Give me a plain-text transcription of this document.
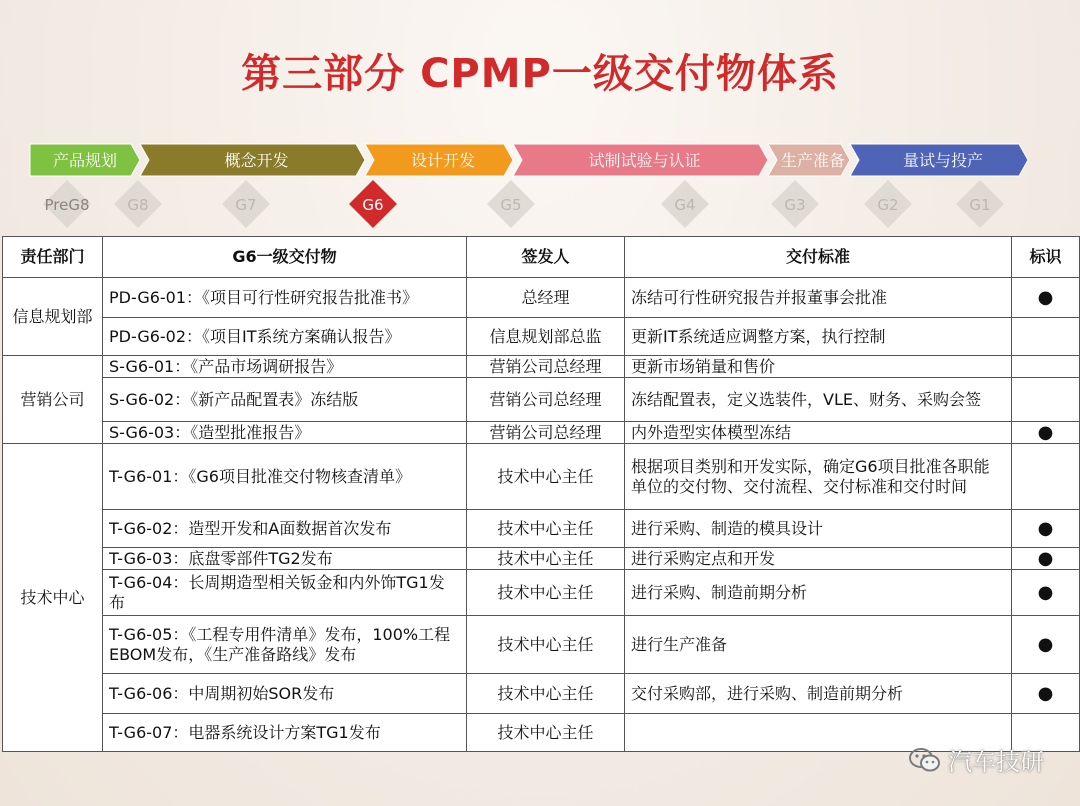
第三部分 CPMP一级交付物体系
产品规划	概念开发	设计开发	试制试验与认证	生产准备	量试与投产
PreG8	G8	G7	G6	G5	G4	G3	G2	G1
责任部门	G6一级交付物	签发人	交付标准	标识
信息规划部	PD-G6-01：《项目可行性研究报告批准书》	总经理	冻结可行性研究报告并报董事会批准	●
	PD-G6-02：《项目IT系统方案确认报告》	信息规划部总监	更新IT系统适应调整方案，执行控制	
营销公司	S-G6-01：《产品市场调研报告》	营销公司总经理	更新市场销量和售价	
	S-G6-02：《新产品配置表》冻结版	营销公司总经理	冻结配置表，定义选装件，VLE、财务、采购会签	
	S-G6-03：《造型批准报告》	营销公司总经理	内外造型实体模型冻结	●
技术中心	T-G6-01：《G6项目批准交付物核查清单》	技术中心主任	根据项目类别和开发实际，确定G6项目批准各职能单位的交付物、交付流程、交付标准和交付时间	
	T-G6-02：造型开发和A面数据首次发布	技术中心主任	进行采购、制造的模具设计	●
	T-G6-03：底盘零部件TG2发布	技术中心主任	进行采购定点和开发	●
	T-G6-04：长周期造型相关钣金和内外饰TG1发布	技术中心主任	进行采购、制造前期分析	●
	T-G6-05：《工程专用件清单》发布，100%工程EBOM发布，《生产准备路线》发布	技术中心主任	进行生产准备	●
	T-G6-06：中周期初始SOR发布	技术中心主任	交付采购部，进行采购、制造前期分析	●
	T-G6-07：电器系统设计方案TG1发布	技术中心主任		
汽车技研
